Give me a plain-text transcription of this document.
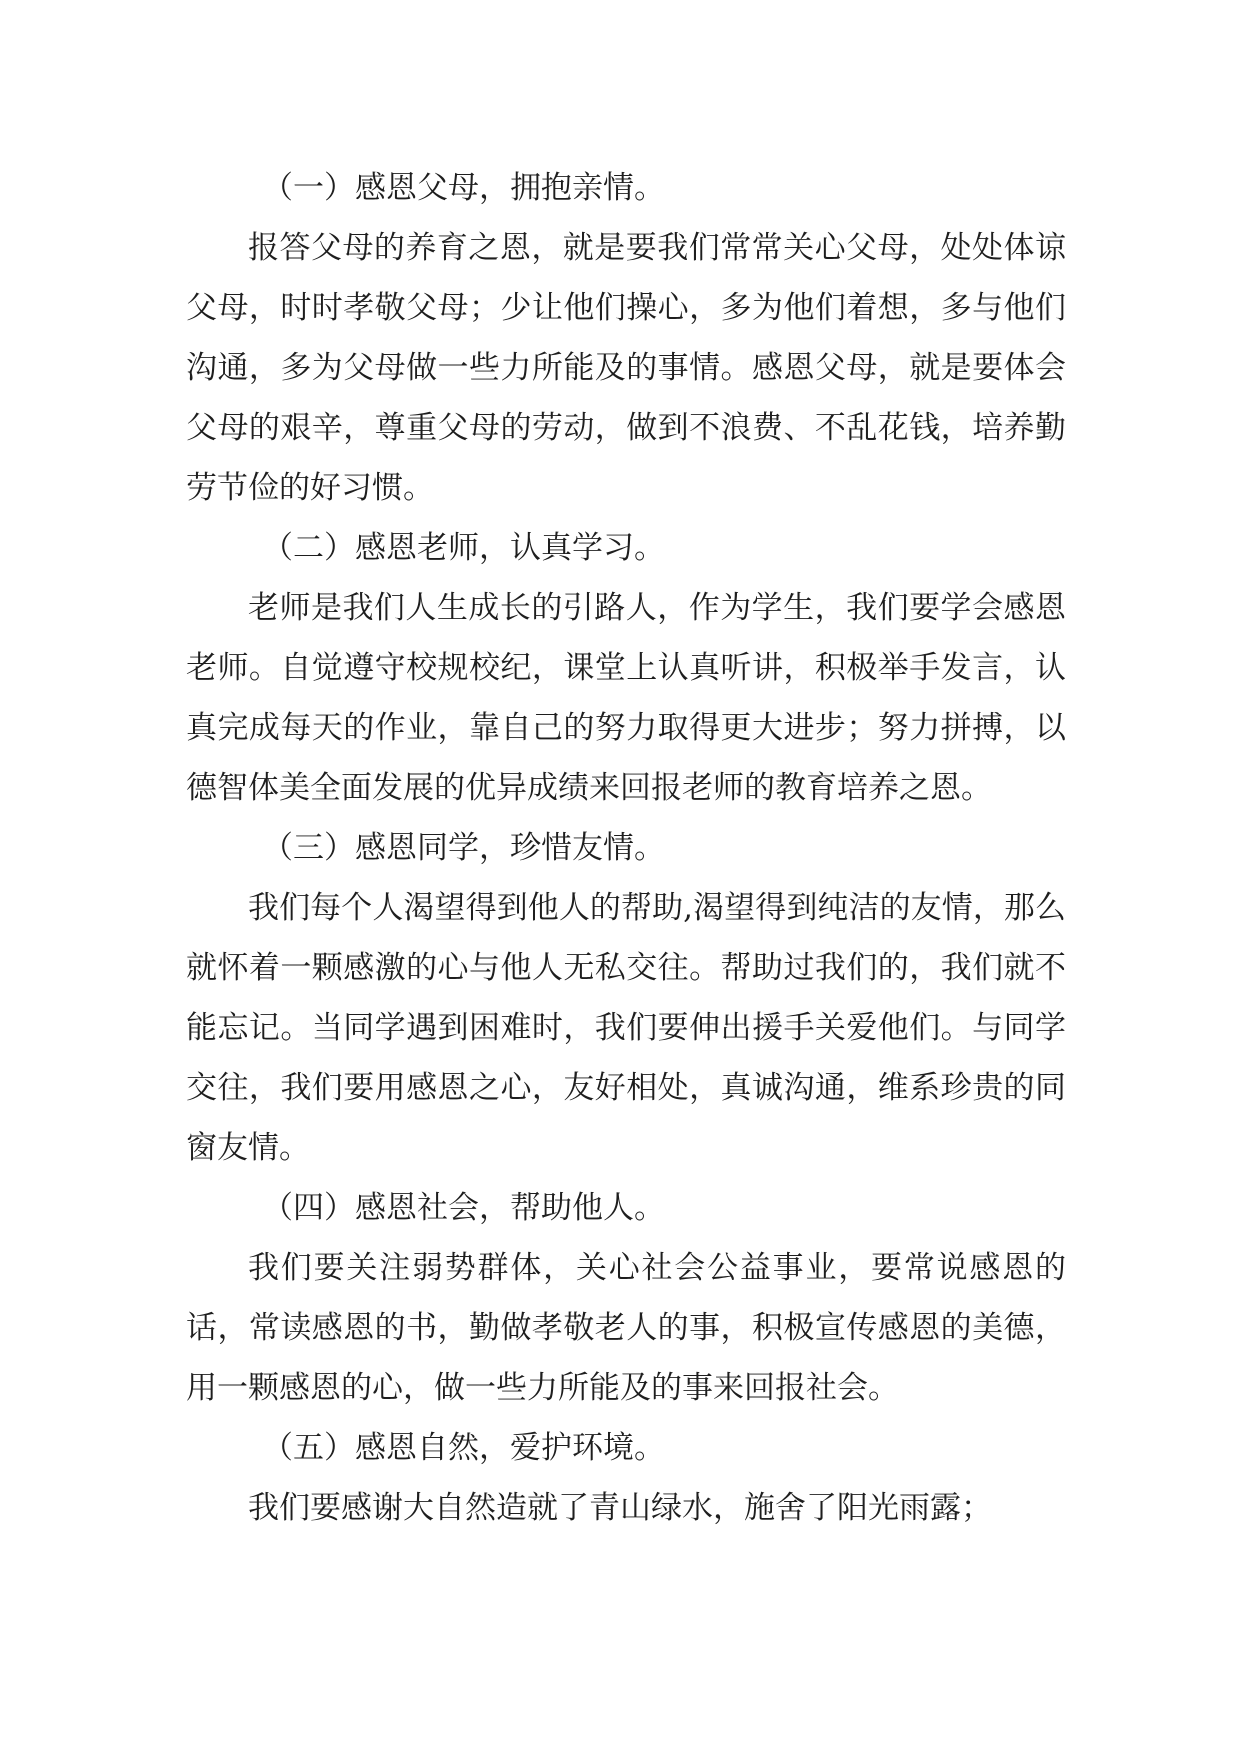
（一）感恩父母，拥抱亲情。

报答父母的养育之恩，就是要我们常常关心父母，处处体谅父母，时时孝敬父母；少让他们操心，多为他们着想，多与他们沟通，多为父母做一些力所能及的事情。感恩父母，就是要体会父母的艰辛，尊重父母的劳动，做到不浪费、不乱花钱，培养勤劳节俭的好习惯。

（二）感恩老师，认真学习。

老师是我们人生成长的引路人，作为学生，我们要学会感恩老师。自觉遵守校规校纪，课堂上认真听讲，积极举手发言，认真完成每天的作业，靠自己的努力取得更大进步；努力拼搏，以德智体美全面发展的优异成绩来回报老师的教育培养之恩。

（三）感恩同学，珍惜友情。

我们每个人渴望得到他人的帮助,渴望得到纯洁的友情，那么就怀着一颗感激的心与他人无私交往。帮助过我们的，我们就不能忘记。当同学遇到困难时，我们要伸出援手关爱他们。与同学交往，我们要用感恩之心，友好相处，真诚沟通，维系珍贵的同窗友情。

（四）感恩社会，帮助他人。

我们要关注弱势群体，关心社会公益事业，要常说感恩的话，常读感恩的书，勤做孝敬老人的事，积极宣传感恩的美德，用一颗感恩的心，做一些力所能及的事来回报社会。

（五）感恩自然，爱护环境。

我们要感谢大自然造就了青山绿水，施舍了阳光雨露；
